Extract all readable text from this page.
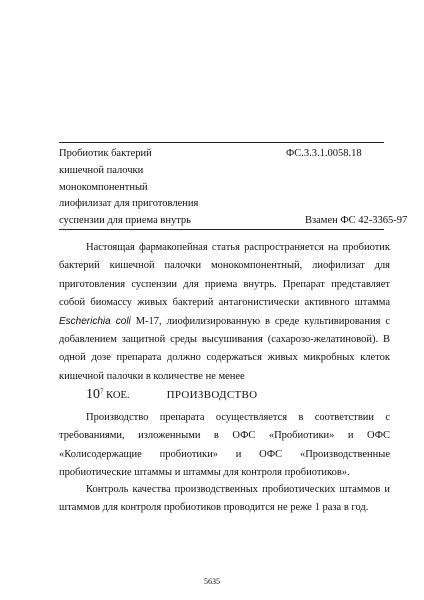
Пробиотик бактерий
кишечной палочки
монокомпонентный
лиофилизат для приготовления
суспензии для приема внутрь
ФС.3.3.1.0058.18
Взамен ФС 42-3365-97
Настоящая фармакопейная статья распространяется на пробиотик бактерий кишечной палочки монокомпонентный, лиофилизат для приготовления суспензии для приема внутрь. Препарат представляет собой биомассу живых бактерий антагонистически активного штамма Escherichia coli М-17, лиофилизированную в среде культивирования с добавлением защитной среды высушивания (сахарозо-желатиновой). В одной дозе препарата должно содержаться живых микробных клеток кишечной палочки в количестве не менее
$10^7$ КОЕ.	ПРОИЗВОДСТВО
Производство препарата осуществляется в соответствии с требованиями, изложенными в ОФС «Пробиотики» и ОФС «Колисодержащие пробиотики» и ОФС «Производственные пробиотические штаммы и штаммы для контроля пробиотиков».
Контроль качества производственных пробиотических штаммов и штаммов для контроля пробиотиков проводится не реже 1 раза в год.
5635
